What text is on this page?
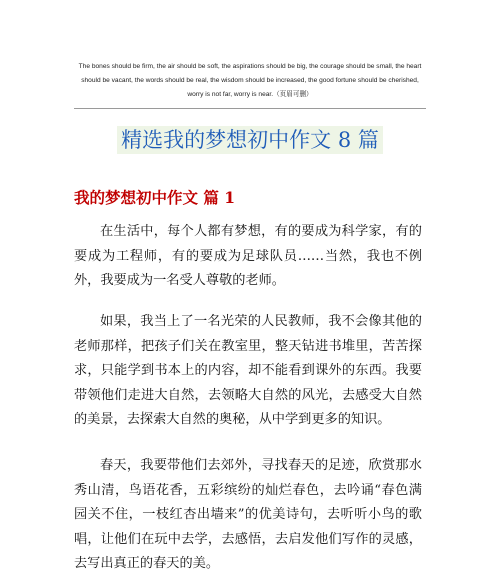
The bones should be firm, the air should be soft, the aspirations should be big, the courage should be small, the heart should be vacant, the words should be real, the wisdom should be increased, the good fortune should be cherished, worry is not far, worry is near.（页眉可删）
精选我的梦想初中作文 8 篇
我的梦想初中作文 篇 1

在生活中，每个人都有梦想，有的要成为科学家，有的要成为工程师，有的要成为足球队员……当然，我也不例外，我要成为一名受人尊敬的老师。

如果，我当上了一名光荣的人民教师，我不会像其他的老师那样，把孩子们关在教室里，整天钻进书堆里，苦苦探求，只能学到书本上的内容，却不能看到课外的东西。我要带领他们走进大自然，去领略大自然的风光，去感受大自然的美景，去探索大自然的奥秘，从中学到更多的知识。

春天，我要带他们去郊外，寻找春天的足迹，欣赏那水秀山清，鸟语花香，五彩缤纷的灿烂春色，去吟诵“春色满园关不住，一枝红杏出墙来”的优美诗句，去听听小鸟的歌唱，让他们在玩中去学，去感悟，去启发他们写作的灵感，去写出真正的春天的美。
